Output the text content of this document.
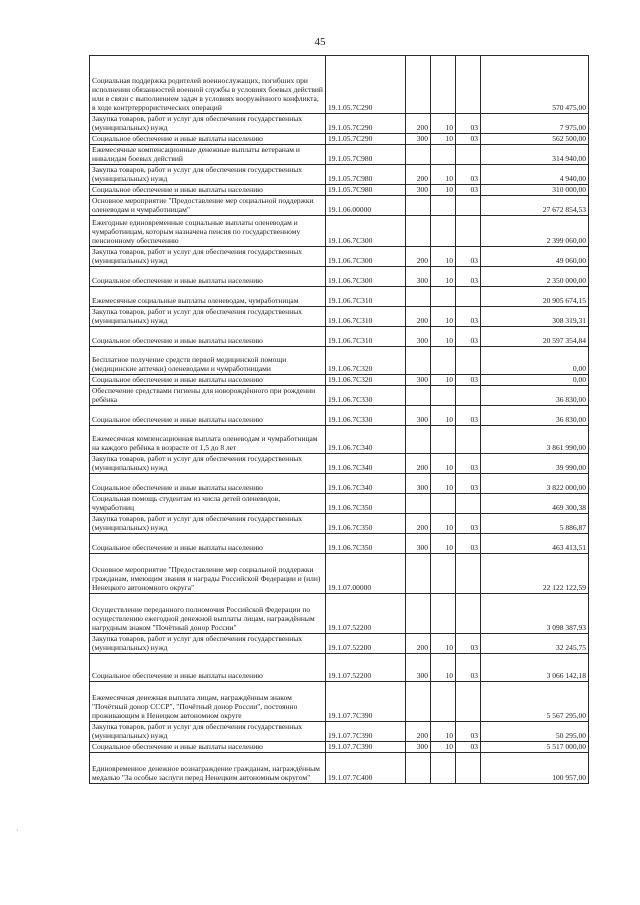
45
Социальная поддержка родителей военнослужащих, погибших при исполнении обязанностей военной службы в условиях боевых действий или в связи с выполнением задач в условиях вооружённого конфликта, в ходе контртеррористических операций	19.1.05.7C290				570 475,00
Закупка товаров, работ и услуг для обеспечения государственных (муниципальных) нужд	19.1.05.7C290	200	10	03	7 975,00
Социальное обеспечение и иные выплаты населению	19.1.05.7C290	300	10	03	562 500,00
Ежемесячные компенсационные денежные выплаты ветеранам и инвалидам боевых действий	19.1.05.7C980				314 940,00
Закупка товаров, работ и услуг для обеспечения государственных (муниципальных) нужд	19.1.05.7C980	200	10	03	4 940,00
Социальное обеспечение и иные выплаты населению	19.1.05.7C980	300	10	03	310 000,00
Основное мероприятие "Предоставление мер социальной поддержки оленеводам и чумработницам"	19.1.06.00000				27 672 854,53
Ежегодные единовременные социальные выплаты оленеводам и чумработницам, которым назначена пенсия по государственному пенсионному обеспечению	19.1.06.7C300				2 399 060,00
Закупка товаров, работ и услуг для обеспечения государственных (муниципальных) нужд	19.1.06.7C300	200	10	03	49 060,00
Социальное обеспечение и иные выплаты населению	19.1.06.7C300	300	10	03	2 350 000,00
Ежемесячные социальные выплаты оленеводам, чумработницам	19.1.06.7C310				20 905 674,15
Закупка товаров, работ и услуг для обеспечения государственных (муниципальных) нужд	19.1.06.7C310	200	10	03	308 319,31
Социальное обеспечение и иные выплаты населению	19.1.06.7C310	300	10	03	20 597 354,84
Бесплатное получение средств первой медицинской помощи (медицинские аптечки) оленеводами и чумработницами	19.1.06.7C320				0,00
Социальное обеспечение и иные выплаты населению	19.1.06.7C320	300	10	03	0,00
Обеспечение средствами гигиены для новорождённого при рождении ребёнка	19.1.06.7C330				36 830,00
Социальное обеспечение и иные выплаты населению	19.1.06.7C330	300	10	03	36 830,00
Ежемесячная компенсационная выплата оленеводам и чумработницам на каждого ребёнка в возрасте от 1,5 до 8 лет	19.1.06.7C340				3 861 990,00
Закупка товаров, работ и услуг для обеспечения государственных (муниципальных) нужд	19.1.06.7C340	200	10	03	39 990,00
Социальное обеспечение и иные выплаты населению	19.1.06.7C340	300	10	03	3 822 000,00
Социальная помощь студентам из числа детей оленеводов, чумработниц	19.1.06.7C350				469 300,38
Закупка товаров, работ и услуг для обеспечения государственных (муниципальных) нужд	19.1.06.7C350	200	10	03	5 886,87
Социальное обеспечение и иные выплаты населению	19.1.06.7C350	300	10	03	463 413,51
Основное мероприятие "Предоставление мер социальной поддержки гражданам, имеющим звания и награды Российской Федерации и (или) Ненецкого автономного округа"	19.1.07.00000				22 122 122,59
Осуществление переданного полномочия Российской Федерации по осуществлению ежегодной денежной выплаты лицам, награждённым нагрудным знаком "Почётный донор России"	19.1.07.52200				3 098 387,93
Закупка товаров, работ и услуг для обеспечения государственных (муниципальных) нужд	19.1.07.52200	200	10	03	32 245,75
Социальное обеспечение и иные выплаты населению	19.1.07.52200	300	10	03	3 066 142,18
Ежемесячная денежная выплата лицам, награждённым знаком "Почётный донор СССР", "Почётный донор России", постоянно проживающим в Ненецком автономном округе	19.1.07.7C390				5 567 295,00
Закупка товаров, работ и услуг для обеспечения государственных (муниципальных) нужд	19.1.07.7C390	200	10	03	50 295,00
Социальное обеспечение и иные выплаты населению	19.1.07.7C390	300	10	03	5 517 000,00
Единовременное денежное вознаграждение гражданам, награждённым медалью "За особые заслуги перед Ненецким автономным округом"	19.1.07.7C400				100 957,00
·
